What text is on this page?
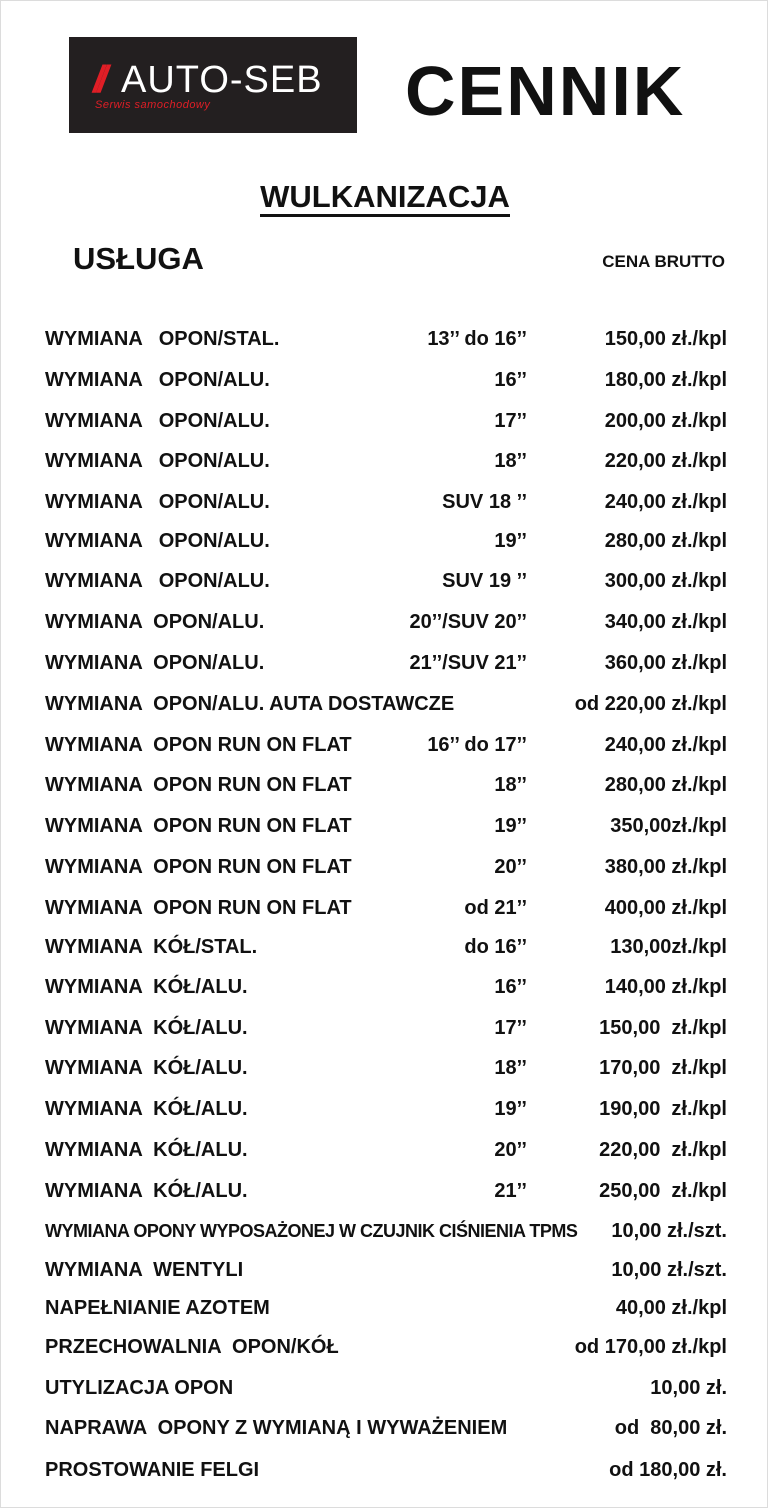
// AUTO-SEB
Serwis samochodowy	CENNIK
WULKANIZACJA
USŁUGA	CENA BRUTTO
WYMIANA   OPON/STAL.	13’’ do 16’’	150,00 zł./kpl
WYMIANA   OPON/ALU.	16’’	180,00 zł./kpl
WYMIANA   OPON/ALU.	17’’	200,00 zł./kpl
WYMIANA   OPON/ALU.	18’’	220,00 zł./kpl
WYMIANA   OPON/ALU.	SUV 18 ’’	240,00 zł./kpl
WYMIANA   OPON/ALU.	19’’	280,00 zł./kpl
WYMIANA   OPON/ALU.	SUV 19 ’’	300,00 zł./kpl
WYMIANA  OPON/ALU.	20’’/SUV 20’’	340,00 zł./kpl
WYMIANA  OPON/ALU.	21’’/SUV 21’’	360,00 zł./kpl
WYMIANA  OPON/ALU. AUTA DOSTAWCZE	od 220,00 zł./kpl
WYMIANA  OPON RUN ON FLAT	16’’ do 17’’	240,00 zł./kpl
WYMIANA  OPON RUN ON FLAT	18’’	280,00 zł./kpl
WYMIANA  OPON RUN ON FLAT	19’’	350,00zł./kpl
WYMIANA  OPON RUN ON FLAT	20’’	380,00 zł./kpl
WYMIANA  OPON RUN ON FLAT	od 21’’	400,00 zł./kpl
WYMIANA  KÓŁ/STAL.	do 16’’	130,00zł./kpl
WYMIANA  KÓŁ/ALU.	16’’	140,00 zł./kpl
WYMIANA  KÓŁ/ALU.	17’’	150,00  zł./kpl
WYMIANA  KÓŁ/ALU.	18’’	170,00  zł./kpl
WYMIANA  KÓŁ/ALU.	19’’	190,00  zł./kpl
WYMIANA  KÓŁ/ALU.	20’’	220,00  zł./kpl
WYMIANA  KÓŁ/ALU.	21’’	250,00  zł./kpl
WYMIANA OPONY WYPOSAŻONEJ W CZUJNIK CIŚNIENIA TPMS 10,00 zł./szt.
WYMIANA  WENTYLI	10,00 zł./szt.
NAPEŁNIANIE AZOTEM	40,00 zł./kpl
PRZECHOWALNIA  OPON/KÓŁ	od 170,00 zł./kpl
UTYLIZACJA OPON	10,00 zł.
NAPRAWA  OPONY Z WYMIANĄ I WYWAŻENIEM	od  80,00 zł.
PROSTOWANIE FELGI	od 180,00 zł.
